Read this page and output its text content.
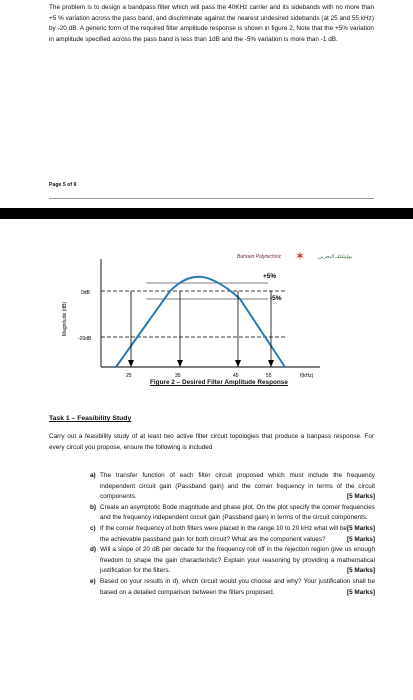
The problem is to design a bandpass filter which will pass the 40KHz carrier and its sidebands with no more than +5 % variation across the pass band, and discriminate against the nearest undesired sidebands (at 25 and 55 kHz) by -20 dB. A generic form of the required filter amplitude response is shown in figure 2. Note that the +5% variation in amplitude specified across the pass band is less than 1dB and the -5% variation is more than -1 dB.
Page 5 of 9
Bahrain Polytechnic ✶	بوليتكنك البحرين
Magnitude (dB)
0dB
-20dB
25	35	45	55	f(kHz)
+5%
-5%
Figure 2 – Desired Filter Amplitude Response
Task 1 – Feasibility Study
Carry out a feasibility study of at least two active filter circuit topologies that produce a banpass response. For every circuit you propose, ensure the following is included
a) The transfer function of each filter circuit proposed which must include the frequency independent circuit gain (Passband gain) and the corner frequency in terms of the circuit components.	[5 Marks]
b) Create an asymptotic Bode magnitude and phase plot. On the plot specify the corner frequencies and the frequency independent circuit gain (Passband gain) in terms of the circuit components.
[5 Marks]
c) If the corner frequency of both filters were placed in the range 10 to 20 kHz what will be the achievable passband gain for both circuit? What are the component values?	[5 Marks]
d) Will a slope of 20 dB per decade for the frequency roll off in the rejection region give us enough freedom to shape the gain characteristic? Explain your reasoning by providing a mathematical justification for the filters.	[5 Marks]
e) Based on your results in d), which circuit would you choose and why? Your justification shall be based on a detailed comparison between the filters proposed.	[5 Marks]
